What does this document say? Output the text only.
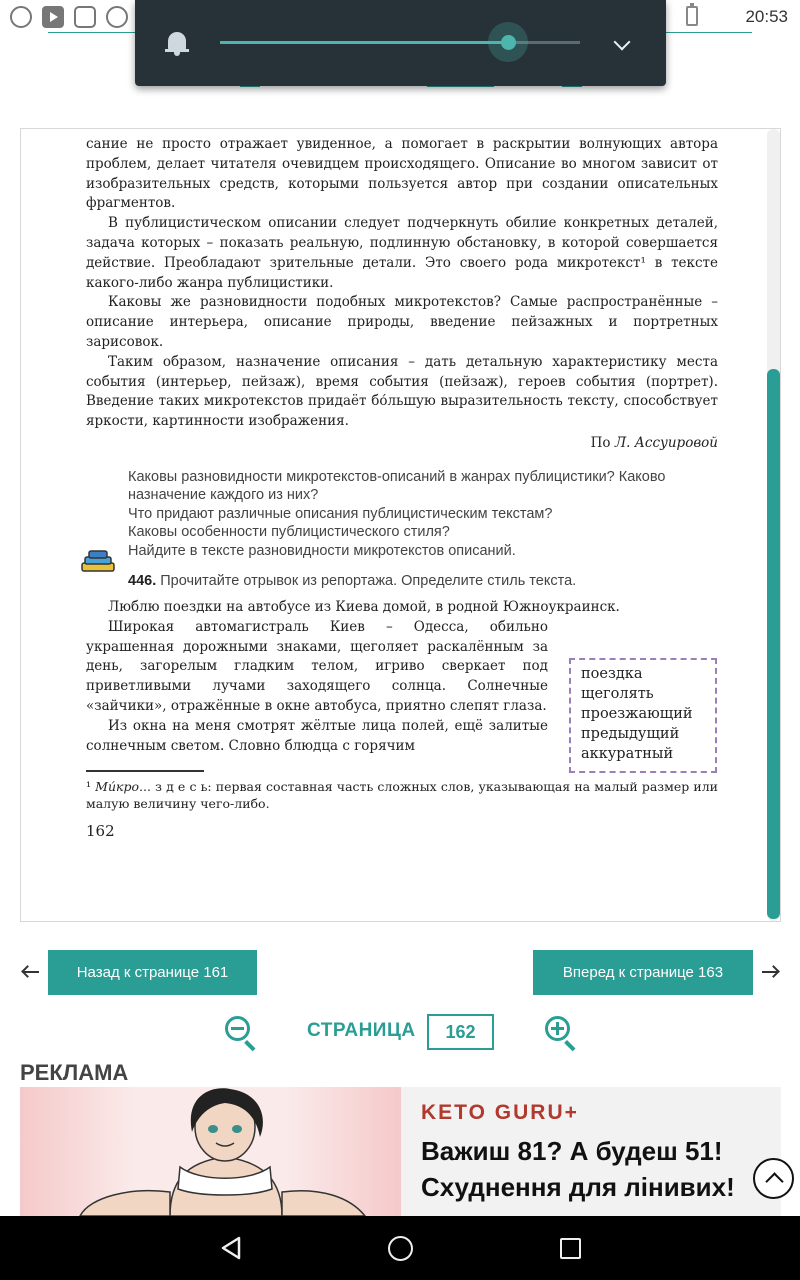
20:53

сание не просто отражает увиденное, а помогает в раскрытии волнующих автора проблем, делает читателя очевидцем происходящего. Описание во многом зависит от изобразительных средств, которыми пользуется автор при создании описательных фрагментов.

В публицистическом описании следует подчеркнуть обилие конкретных деталей, задача которых – показать реальную, подлинную обстановку, в которой совершается действие. Преобладают зрительные детали. Это своего рода микротекст¹ в тексте какого-либо жанра публицистики.

Каковы же разновидности подобных микротекстов? Самые распространённые – описание интерьера, описание природы, введение пейзажных и портретных зарисовок.

Таким образом, назначение описания – дать детальную характеристику места события (интерьер, пейзаж), время события (пейзаж), героев события (портрет). Введение таких микротекстов придаёт бо́льшую выразительность тексту, способствует яркости, картинности изображения.

По Л. Ассуировой
Каковы разновидности микротекстов-описаний в жанрах публицистики? Каково назначение каждого из них?
Что придают различные описания публицистическим текстам?
Каковы особенности публицистического стиля?
Найдите в тексте разновидности микротекстов описаний.
446. Прочитайте отрывок из репортажа. Определите стиль текста.

Люблю поездки на автобусе из Киева домой, в родной Южноукраинск.

Широкая автомагистраль Киев – Одесса, обильно украшенная дорожными знаками, щеголяет раскалённым за день, загорелым гладким телом, игриво сверкает под приветливыми лучами заходящего солнца. Солнечные «зайчики», отражённые в окне автобуса, приятно слепят глаза.

Из окна на меня смотрят жёлтые лица полей, ещё залитые солнечным светом. Словно блюдца с горячим

поездка
щеголять
проезжающий
предыдущий
аккуратный

¹ Ми́кро... з д е с ь: первая составная часть сложных слов, указывающая на малый размер или малую величину чего-либо.

162
Назад к странице 161	Вперед к странице 163
СТРАНИЦА	162
РЕКЛАМА
KETO GURU+
Важиш 81? А будеш 51!
Схуднення для лінивих!
